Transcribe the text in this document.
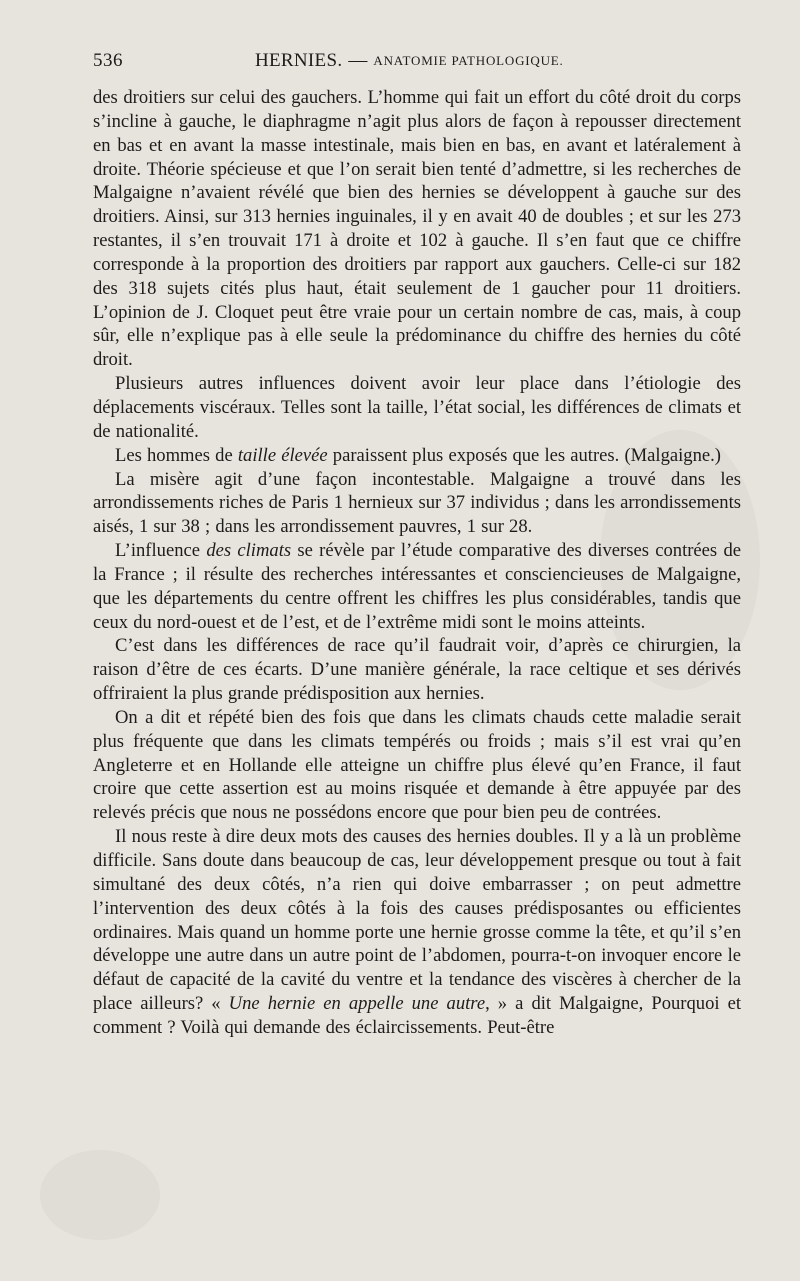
536	HERNIES. — ANATOMIE PATHOLOGIQUE.

des droitiers sur celui des gauchers. L’homme qui fait un effort du côté droit du corps s’incline à gauche, le diaphragme n’agit plus alors de façon à repousser directement en bas et en avant la masse intestinale, mais bien en bas, en avant et latéralement à droite. Théorie spécieuse et que l’on serait bien tenté d’admettre, si les recherches de Malgaigne n’avaient révélé que bien des hernies se développent à gauche sur des droitiers. Ainsi, sur 313 hernies inguinales, il y en avait 40 de doubles ; et sur les 273 restantes, il s’en trouvait 171 à droite et 102 à gauche. Il s’en faut que ce chiffre corresponde à la proportion des droitiers par rapport aux gauchers. Celle-ci sur 182 des 318 sujets cités plus haut, était seulement de 1 gaucher pour 11 droitiers. L’opinion de J. Cloquet peut être vraie pour un certain nombre de cas, mais, à coup sûr, elle n’explique pas à elle seule la prédominance du chiffre des hernies du côté droit.

Plusieurs autres influences doivent avoir leur place dans l’étiologie des déplacements viscéraux. Telles sont la taille, l’état social, les différences de climats et de nationalité.

Les hommes de taille élevée paraissent plus exposés que les autres. (Malgaigne.)

La misère agit d’une façon incontestable. Malgaigne a trouvé dans les arrondissements riches de Paris 1 hernieux sur 37 individus ; dans les arrondissements aisés, 1 sur 38 ; dans les arrondissement pauvres, 1 sur 28.

L’influence des climats se révèle par l’étude comparative des diverses contrées de la France ; il résulte des recherches intéressantes et consciencieuses de Malgaigne, que les départements du centre offrent les chiffres les plus considérables, tandis que ceux du nord-ouest et de l’est, et de l’extrême midi sont le moins atteints.

C’est dans les différences de race qu’il faudrait voir, d’après ce chirurgien, la raison d’être de ces écarts. D’une manière générale, la race celtique et ses dérivés offriraient la plus grande prédisposition aux hernies.

On a dit et répété bien des fois que dans les climats chauds cette maladie serait plus fréquente que dans les climats tempérés ou froids ; mais s’il est vrai qu’en Angleterre et en Hollande elle atteigne un chiffre plus élevé qu’en France, il faut croire que cette assertion est au moins risquée et demande à être appuyée par des relevés précis que nous ne possédons encore que pour bien peu de contrées.

Il nous reste à dire deux mots des causes des hernies doubles. Il y a là un problème difficile. Sans doute dans beaucoup de cas, leur développement presque ou tout à fait simultané des deux côtés, n’a rien qui doive embarrasser ; on peut admettre l’intervention des deux côtés à la fois des causes prédisposantes ou efficientes ordinaires. Mais quand un homme porte une hernie grosse comme la tête, et qu’il s’en développe une autre dans un autre point de l’abdomen, pourra-t-on invoquer encore le défaut de capacité de la cavité du ventre et la tendance des viscères à chercher de la place ailleurs? « Une hernie en appelle une autre, » a dit Malgaigne, Pourquoi et comment ? Voilà qui demande des éclaircissements. Peut-être
